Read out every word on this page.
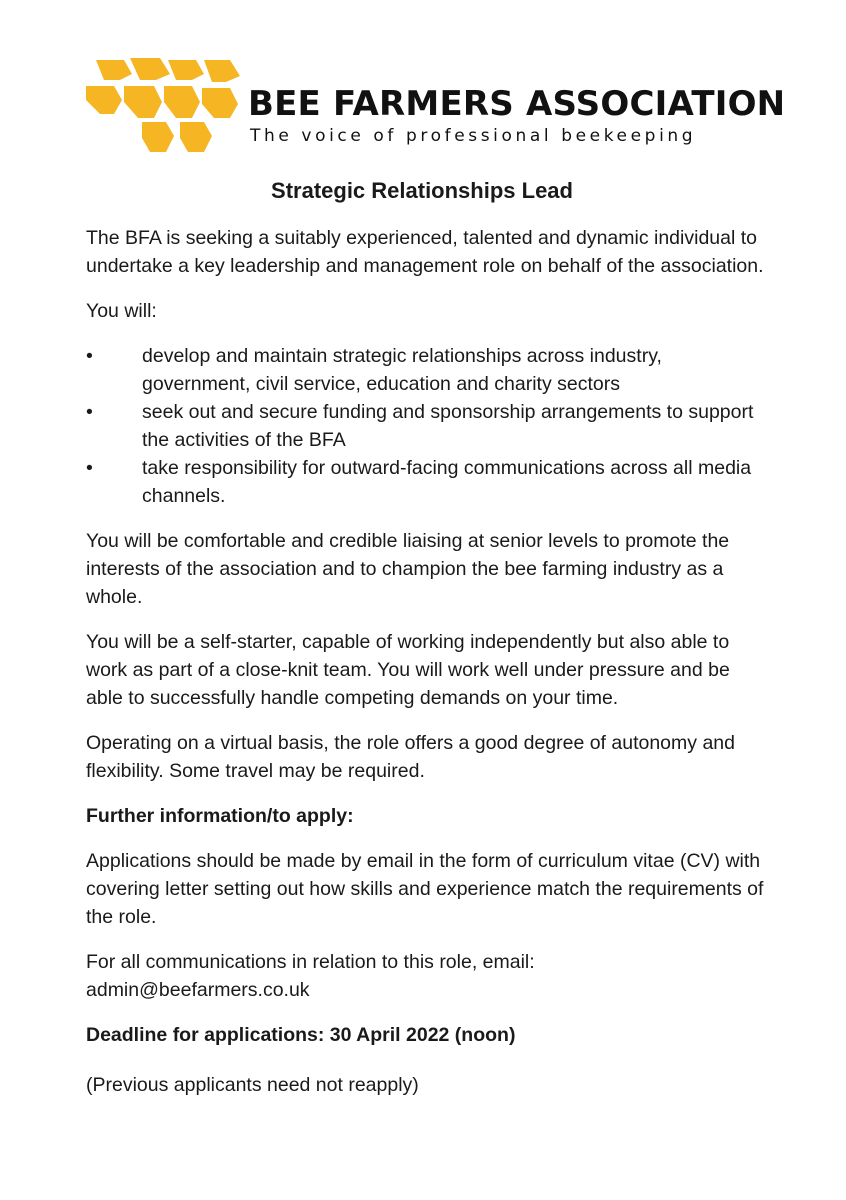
BEE FARMERS ASSOCIATION
The voice of professional beekeeping
Strategic Relationships Lead

The BFA is seeking a suitably experienced, talented and dynamic individual to undertake a key leadership and management role on behalf of the association.

You will:

•	develop and maintain strategic relationships across industry, government, civil service, education and charity sectors
•	seek out and secure funding and sponsorship arrangements to support the activities of the BFA
•	take responsibility for outward-facing communications across all media channels.

You will be comfortable and credible liaising at senior levels to promote the interests of the association and to champion the bee farming industry as a whole.

You will be a self-starter, capable of working independently but also able to work as part of a close-knit team. You will work well under pressure and be able to successfully handle competing demands on your time.

Operating on a virtual basis, the role offers a good degree of autonomy and flexibility. Some travel may be required.

Further information/to apply:

Applications should be made by email in the form of curriculum vitae (CV) with covering letter setting out how skills and experience match the requirements of the role.

For all communications in relation to this role, email:
admin@beefarmers.co.uk

Deadline for applications: 30 April 2022 (noon)

(Previous applicants need not reapply)
